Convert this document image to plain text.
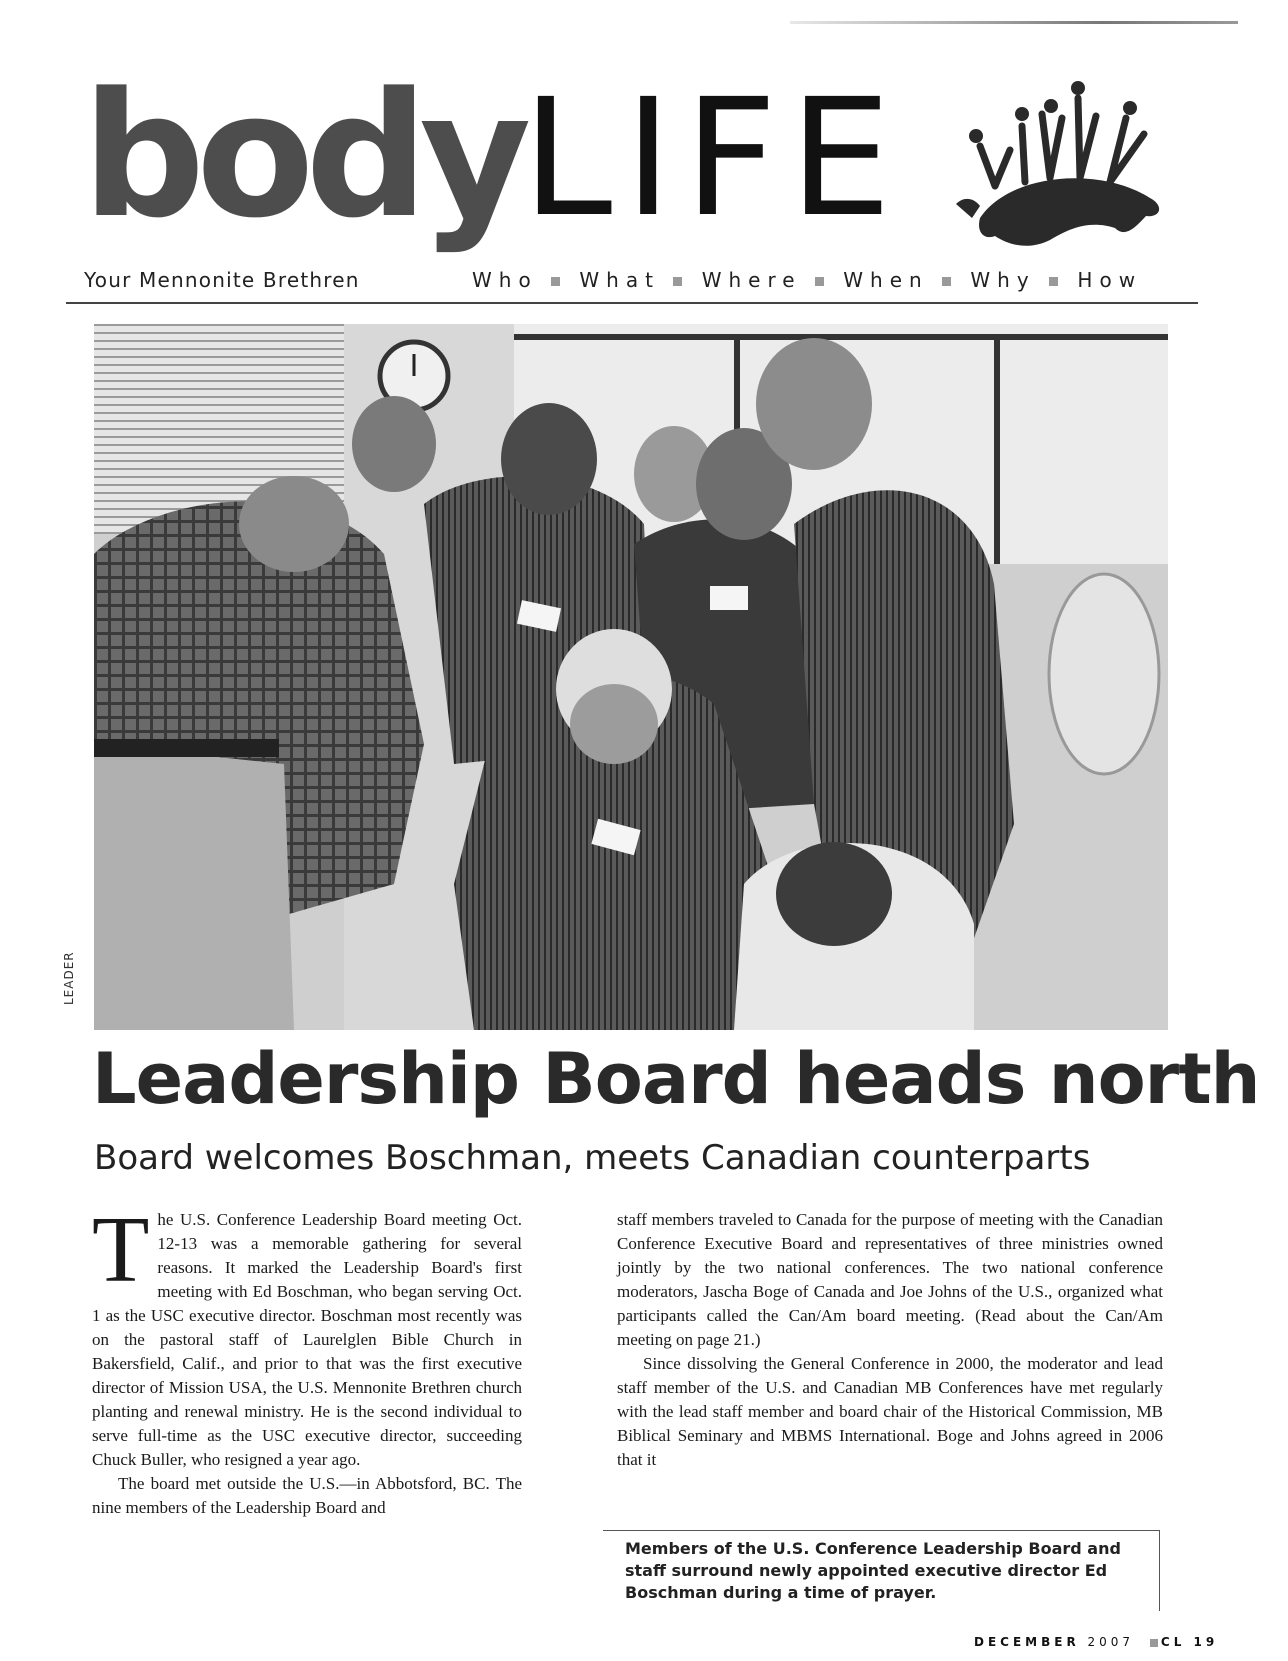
body LIFE
Your Mennonite Brethren	Who What Where When Why How
LEADER
Leadership Board heads north
Board welcomes Boschman, meets Canadian counterparts

The U.S. Conference Leadership Board meeting Oct. 12-13 was a memorable gathering for several reasons. It marked the Leadership Board's first meeting with Ed Boschman, who began serving Oct. 1 as the USC executive director. Boschman most recently was on the pastoral staff of Laurelglen Bible Church in Bakersfield, Calif., and prior to that was the first executive director of Mission USA, the U.S. Mennonite Brethren church planting and renewal ministry. He is the second individual to serve full-time as the USC executive director, succeeding Chuck Buller, who resigned a year ago.

The board met outside the U.S.—in Abbotsford, BC. The nine members of the Leadership Board and

staff members traveled to Canada for the purpose of meeting with the Canadian Conference Executive Board and representatives of three ministries owned jointly by the two national conferences. The two national conference moderators, Jascha Boge of Canada and Joe Johns of the U.S., organized what participants called the Can/Am board meeting. (Read about the Can/Am meeting on page 21.)

Since dissolving the General Conference in 2000, the moderator and lead staff member of the U.S. and Canadian MB Conferences have met regularly with the lead staff member and board chair of the Historical Commission, MB Biblical Seminary and MBMS International. Boge and Johns agreed in 2006 that it

Members of the U.S. Conference Leadership Board and staff surround newly appointed executive director Ed Boschman during a time of prayer.
DECEMBER 2007 CL 19
